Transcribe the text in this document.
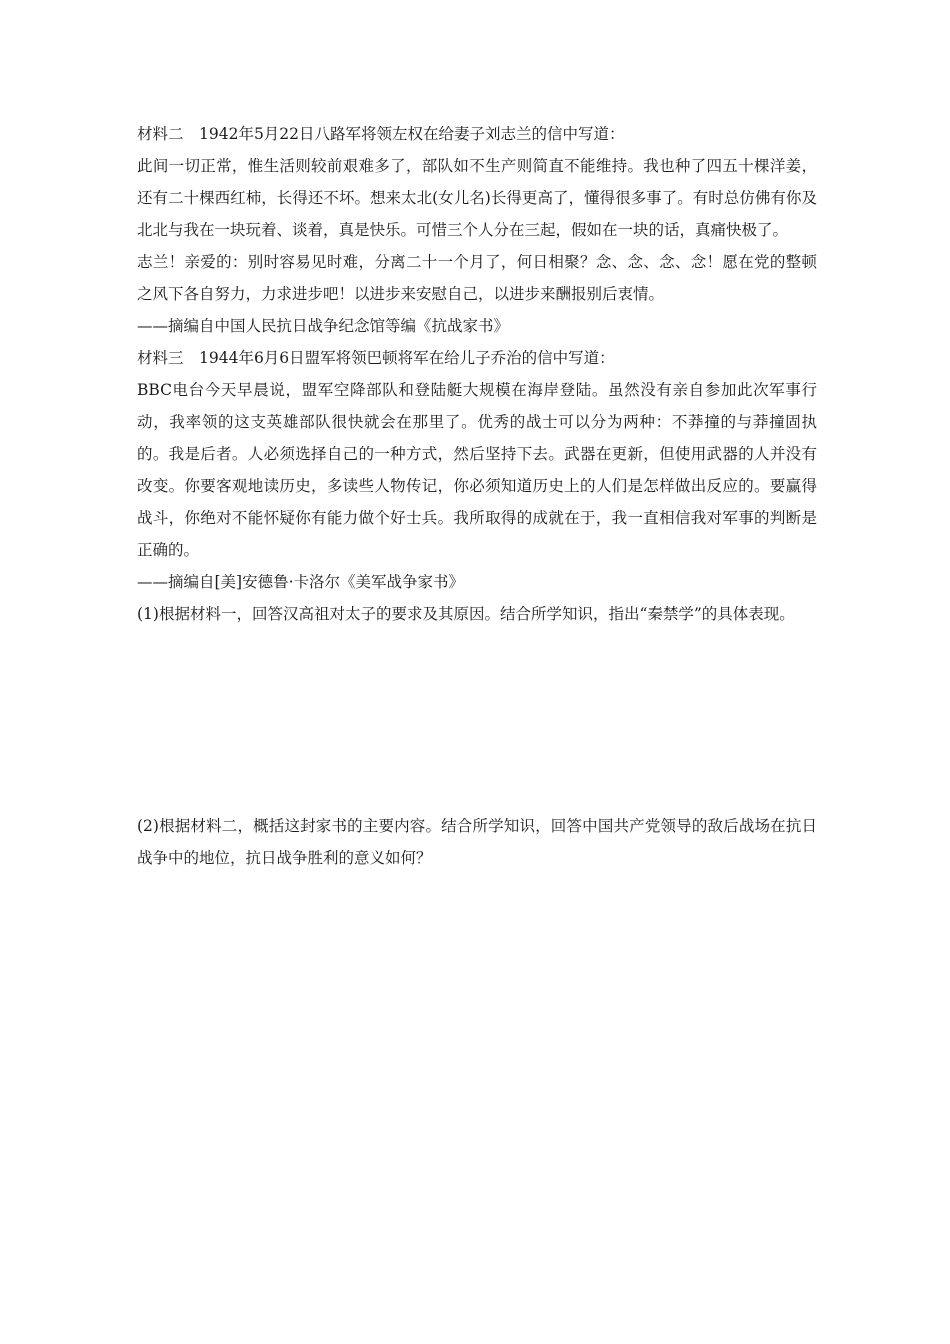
材料二　1942年5月22日八路军将领左权在给妻子刘志兰的信中写道：

此间一切正常，惟生活则较前艰难多了，部队如不生产则简直不能维持。我也种了四五十棵洋姜，还有二十棵西红柿，长得还不坏。想来太北(女儿名)长得更高了，懂得很多事了。有时总仿佛有你及北北与我在一块玩着、谈着，真是快乐。可惜三个人分在三起，假如在一块的话，真痛快极了。

志兰！亲爱的：别时容易见时难，分离二十一个月了，何日相聚？念、念、念、念！愿在党的整顿之风下各自努力，力求进步吧！以进步来安慰自己，以进步来酬报别后衷情。

——摘编自中国人民抗日战争纪念馆等编《抗战家书》

材料三　1944年6月6日盟军将领巴顿将军在给儿子乔治的信中写道：

BBC电台今天早晨说，盟军空降部队和登陆艇大规模在海岸登陆。虽然没有亲自参加此次军事行动，我率领的这支英雄部队很快就会在那里了。优秀的战士可以分为两种：不莽撞的与莽撞固执的。我是后者。人必须选择自己的一种方式，然后坚持下去。武器在更新，但使用武器的人并没有改变。你要客观地读历史，多读些人物传记，你必须知道历史上的人们是怎样做出反应的。要赢得战斗，你绝对不能怀疑你有能力做个好士兵。我所取得的成就在于，我一直相信我对军事的判断是正确的。

——摘编自[美]安德鲁·卡洛尔《美军战争家书》

(1)根据材料一，回答汉高祖对太子的要求及其原因。结合所学知识，指出“秦禁学”的具体表现。

(2)根据材料二，概括这封家书的主要内容。结合所学知识，回答中国共产党领导的敌后战场在抗日战争中的地位，抗日战争胜利的意义如何？
